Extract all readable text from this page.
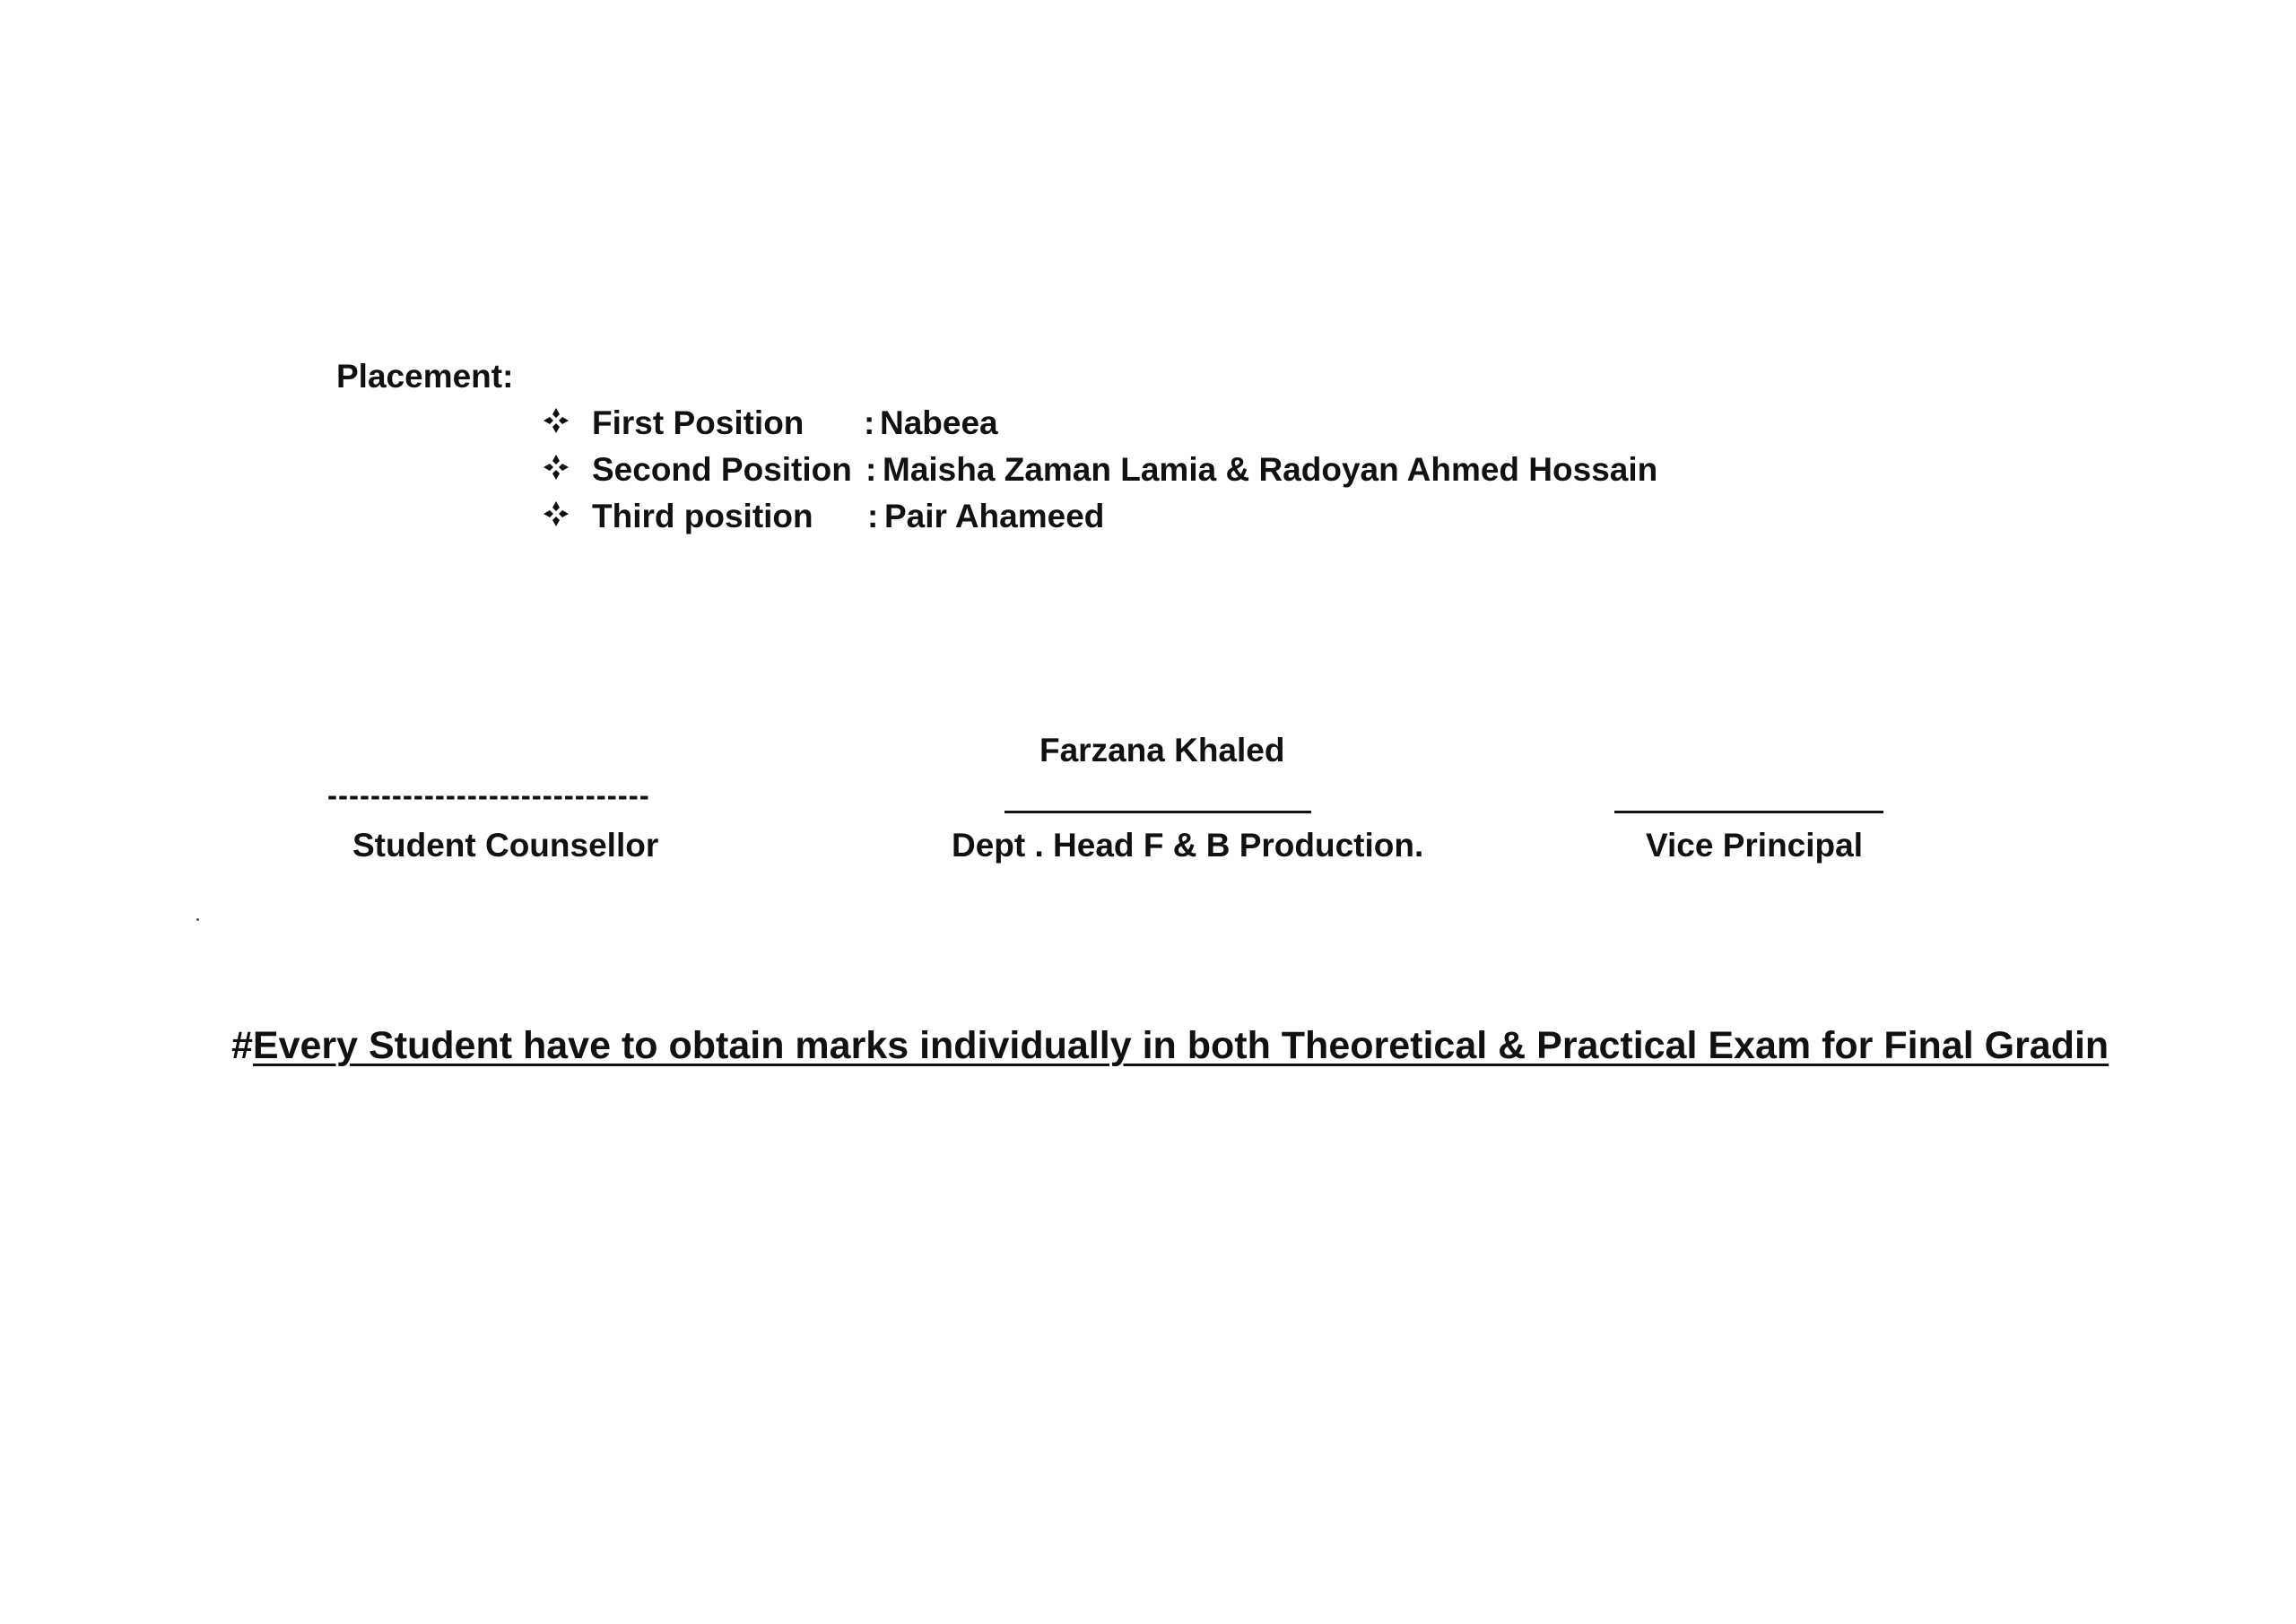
Placement:
First Position : Nabeea
Second Position : Maisha Zaman Lamia & Radoyan Ahmed Hossain
Third position : Pair Ahameed
Farzana Khaled
------------------------------
Student Counsellor	Dept . Head F & B Production.	Vice Principal
#Every Student have to obtain marks individually in both Theoretical & Practical Exam for Final Gradin
